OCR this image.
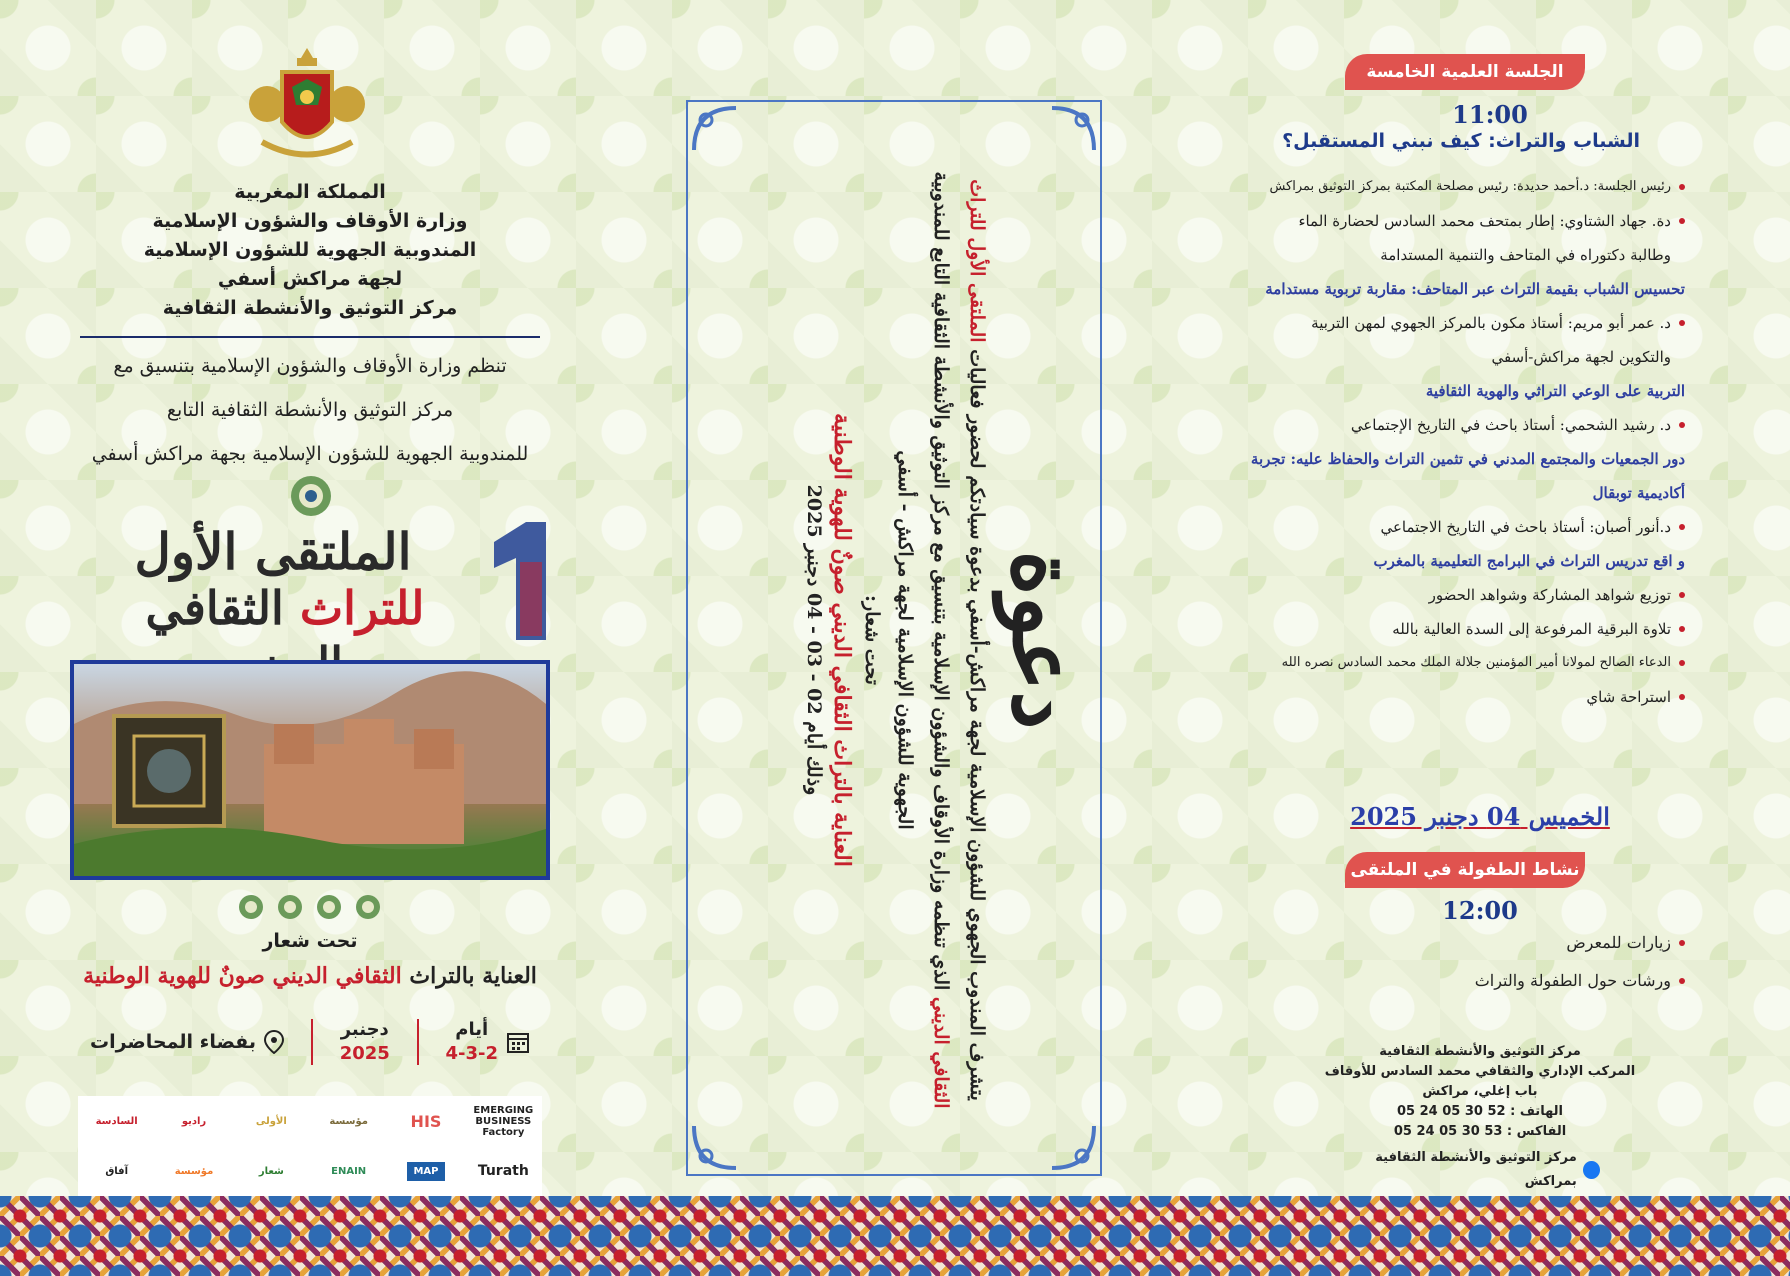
المملكة المغربية
وزارة الأوقاف والشؤون الإسلامية
المندوبية الجهوية للشؤون الإسلامية
لجهة مراكش أسفي
مركز التوثيق والأنشطة الثقافية
تنظم وزارة الأوقاف والشؤون الإسلامية بتنسيق مع
مركز التوثيق والأنشطة الثقافية التابع
للمندوبية الجهوية للشؤون الإسلامية بجهة مراكش أسفي
الملتقى الأول
للتراث الثقافي
تحت شعار
العناية بالتراث الثقافي الديني صونٌ للهوية الوطنية
بفضاء المحاضرات
دجنبر
2025
أيام
4-3-2
السادسة	راديو	الأولى	مؤسسة	HIS
EMERGING BUSINESS Factory
آفاق	مؤسسة	شعار	ENAIN	MAP	Turath
دعوة
يتشرف المندوب الجهوي للشؤون الإسلامية لجهة مراكش-أسفي بدعوة سيادتكم لحضور فعاليات الملتقى الأول للتراث الثقافي الديني الذي تنظمه وزارة الأوقاف والشؤون الإسلامية بتنسيق مع مركز التوثيق والأنشطة الثقافية التابع للمندوبية الجهوية للشؤون الإسلامية لجهة مراكش - أسفي
تحت شعار:
العناية بالتراث الثقافي الديني صونٌ للهوية الوطنية
وذلك أيام 02 - 03 - 04 دجنبر 2025
الجلسة العلمية الخامسة
11:00
الشباب والتراث: كيف نبني المستقبل؟
رئيس الجلسة: د.أحمد حديدة: رئيس مصلحة المكتبة بمركز التوثيق بمراكش
دة. جهاد الشتاوي: إطار بمتحف محمد السادس لحضارة الماء
وطالبة دكتوراه في المتاحف والتنمية المستدامة
تحسيس الشباب بقيمة التراث عبر المتاحف: مقاربة تربوية مستدامة
د. عمر أبو مريم: أستاذ مكون بالمركز الجهوي لمهن التربية
والتكوين لجهة مراكش-أسفي
التربية على الوعي التراثي والهوية الثقافية
د. رشيد الشحمي: أستاذ باحث في التاريخ الإجتماعي
دور الجمعيات والمجتمع المدني في تثمين التراث والحفاظ عليه: تجربة
أكاديمية توبقال
د.أنور أصبان: أستاذ باحث في التاريخ الاجتماعي
و اقع تدريس التراث في البرامج التعليمية بالمغرب
توزيع شواهد المشاركة وشواهد الحضور
تلاوة البرقية المرفوعة إلى السدة العالية بالله
الدعاء الصالح لمولانا أمير المؤمنين جلالة الملك محمد السادس نصره الله
استراحة شاي
الخميس 04 دجنبر 2025
نشاط الطفولة في الملتقى
12:00
زيارات للمعرض
ورشات حول الطفولة والتراث
مركز التوثيق والأنشطة الثقافية
المركب الإداري والثقافي محمد السادس للأوقاف
باب إغلي، مراكش
الهاتف : 52 30 05 24 05
الفاكس : 53 30 05 24 05
مركز التوثيق والأنشطة الثقافية بمراكش
